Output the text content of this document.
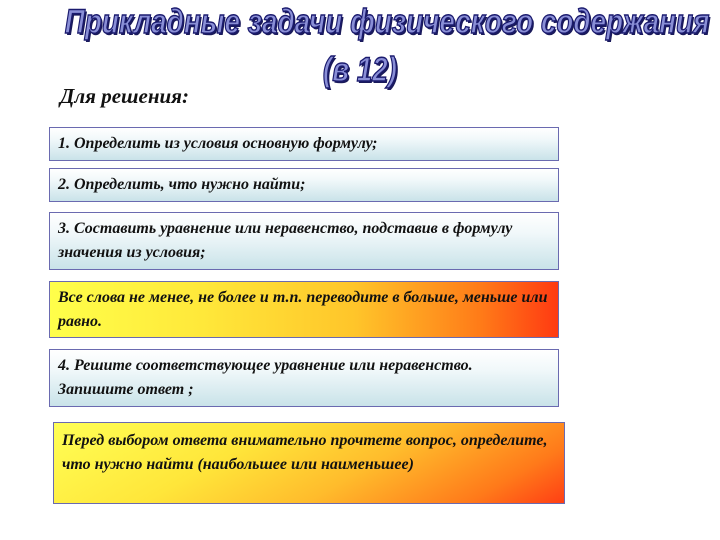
Прикладные задачи физического содержания
(в 12)
Для решения:
1. Определить из условия основную формулу;
2. Определить, что нужно найти;
3. Составить уравнение или неравенство, подставив в формулу значения из условия;
Все слова не менее, не более и т.п. переводите в больше, меньше или равно.
4. Решите соответствующее уравнение или неравенство. Запишите ответ ;
Перед выбором ответа внимательно прочтете вопрос, определите, что нужно найти (наибольшее или наименьшее)
